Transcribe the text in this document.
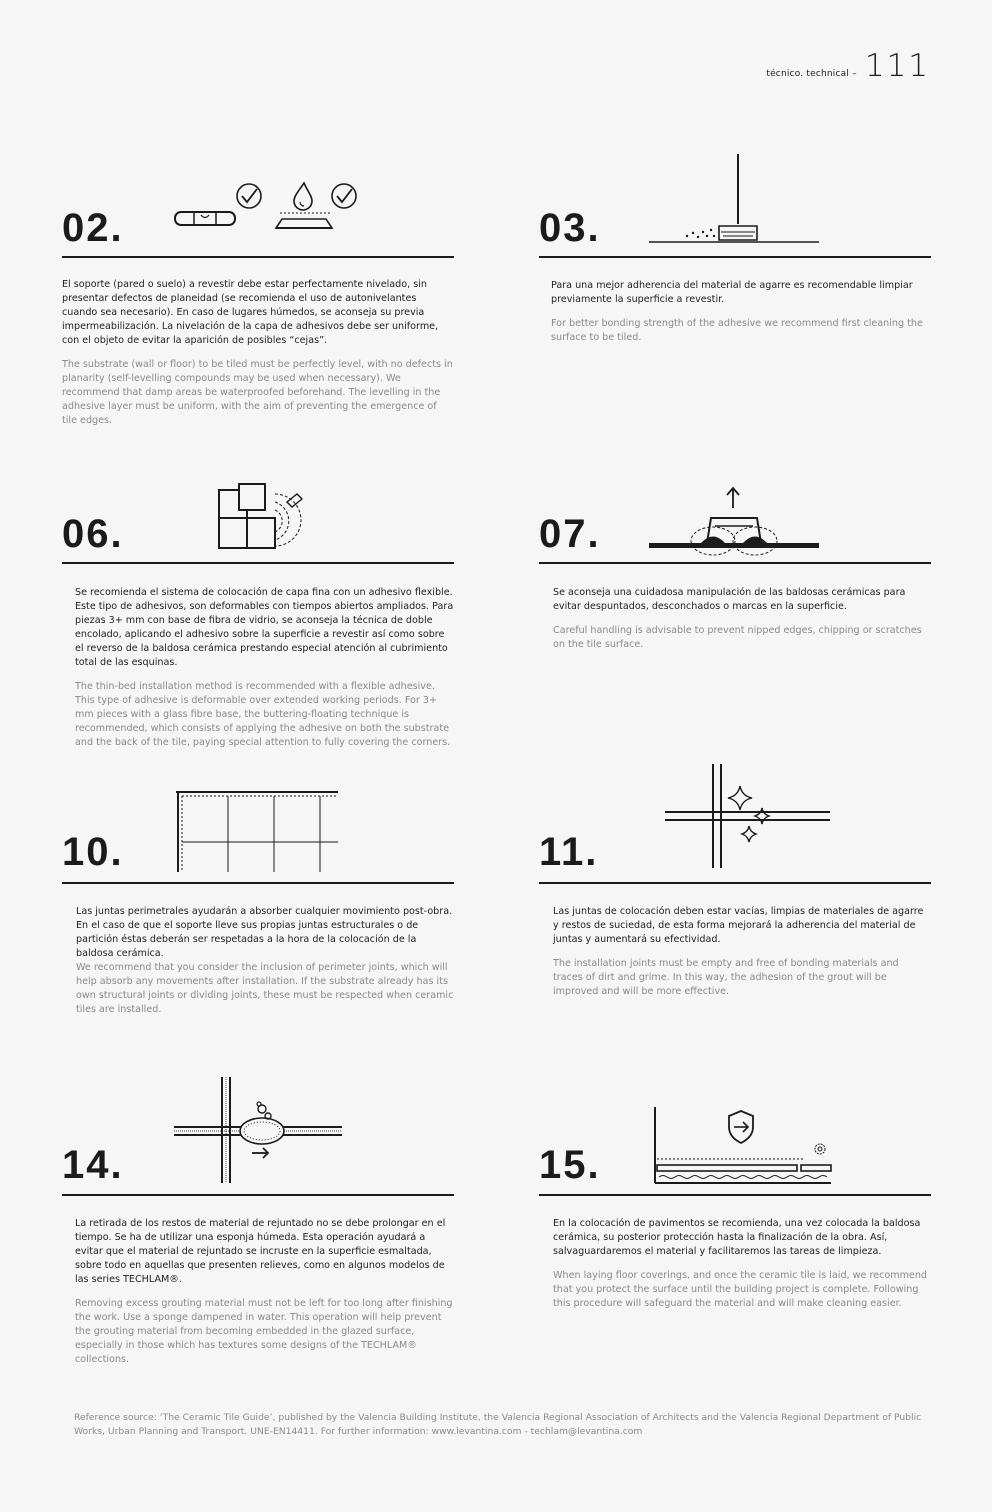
técnico. technical – 111
02.

El soporte (pared o suelo) a revestir debe estar perfectamente nivelado, sin presentar defectos de planeidad (se recomienda el uso de autonivelantes cuando sea necesario). En caso de lugares húmedos, se aconseja su previa impermeabilización. La nivelación de la capa de adhesivos debe ser uniforme, con el objeto de evitar la aparición de posibles “cejas”.

The substrate (wall or floor) to be tiled must be perfectly level, with no defects in planarity (self-levelling compounds may be used when necessary). We recommend that damp areas be waterproofed beforehand. The levelling in the adhesive layer must be uniform, with the aim of preventing the emergence of tile edges.

03.

Para una mejor adherencia del material de agarre es recomendable limpiar previamente la superficie a revestir.

For better bonding strength of the adhesive we recommend first cleaning the surface to be tiled.

06.

Se recomienda el sistema de colocación de capa fina con un adhesivo flexible. Este tipo de adhesivos, son deformables con tiempos abiertos ampliados. Para piezas 3+ mm con base de fibra de vidrio, se aconseja la técnica de doble encolado, aplicando el adhesivo sobre la superficie a revestir así como sobre el reverso de la baldosa cerámica prestando especial atención al cubrimiento total de las esquinas.

The thin-bed installation method is recommended with a flexible adhesive. This type of adhesive is deformable over extended working periods. For 3+ mm pieces with a glass fibre base, the buttering-floating technique is recommended, which consists of applying the adhesive on both the substrate and the back of the tile, paying special attention to fully covering the corners.

07.

Se aconseja una cuidadosa manipulación de las baldosas cerámicas para evitar despuntados, desconchados o marcas en la superficie.

Careful handling is advisable to prevent nipped edges, chipping or scratches on the tile surface.

10.

Las juntas perimetrales ayudarán a absorber cualquier movimiento post-obra. En el caso de que el soporte lleve sus propias juntas estructurales o de partición éstas deberán ser respetadas a la hora de la colocación de la baldosa cerámica.

We recommend that you consider the inclusion of perimeter joints, which will help absorb any movements after installation. If the substrate already has its own structural joints or dividing joints, these must be respected when ceramic tiles are installed.

11.

Las juntas de colocación deben estar vacías, limpias de materiales de agarre y restos de suciedad, de esta forma mejorará la adherencia del material de juntas y aumentará su efectividad.

The installation joints must be empty and free of bonding materials and traces of dirt and grime. In this way, the adhesion of the grout will be improved and will be more effective.

14.

La retirada de los restos de material de rejuntado no se debe prolongar en el tiempo. Se ha de utilizar una esponja húmeda. Esta operación ayudará a evitar que el material de rejuntado se incruste en la superficie esmaltada, sobre todo en aquellas que presenten relieves, como en algunos modelos de las series TECHLAM®.

Removing excess grouting material must not be left for too long after finishing the work. Use a sponge dampened in water. This operation will help prevent the grouting material from becoming embedded in the glazed surface, especially in those which has textures some designs of the TECHLAM® collections.

15.

En la colocación de pavimentos se recomienda, una vez colocada la baldosa cerámica, su posterior protección hasta la finalización de la obra. Así, salvaguardaremos el material y facilitaremos las tareas de limpieza.

When laying floor coverings, and once the ceramic tile is laid, we recommend that you protect the surface until the building project is complete. Following this procedure will safeguard the material and will make cleaning easier.

Reference source: ‘The Ceramic Tile Guide’, published by the Valencia Building Institute, the Valencia Regional Association of Architects and the Valencia Regional Department of Public Works, Urban Planning and Transport. UNE-EN14411. For further information: www.levantina.com - techlam@levantina.com
